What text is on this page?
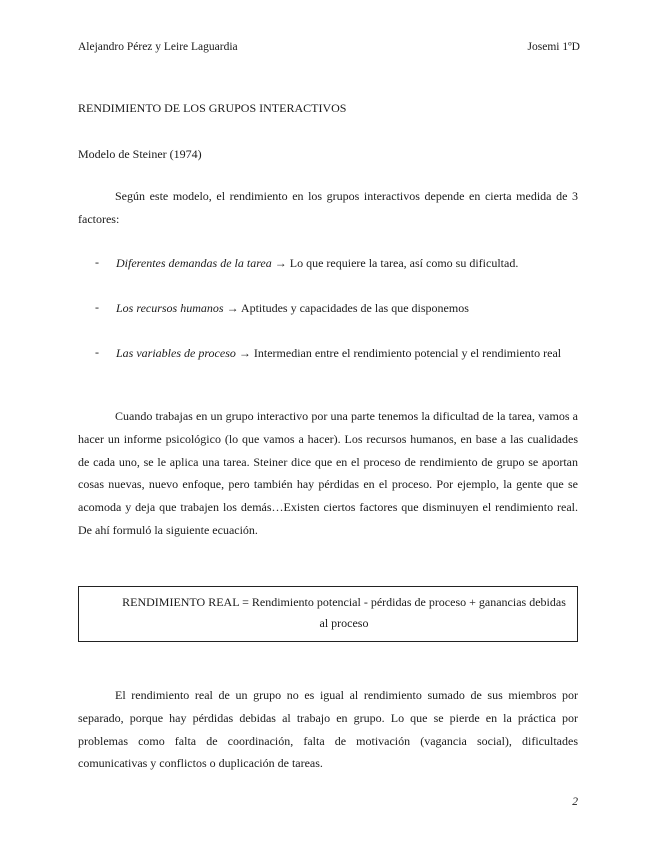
Alejandro Pérez y Leire Laguardia	Josemi 1ºD
RENDIMIENTO DE LOS GRUPOS INTERACTIVOS
Modelo de Steiner (1974)
Según este modelo, el rendimiento en los grupos interactivos depende en cierta medida de 3 factores:
- Diferentes demandas de la tarea → Lo que requiere la tarea, así como su dificultad.
- Los recursos humanos → Aptitudes y capacidades de las que disponemos
- Las variables de proceso → Intermedian entre el rendimiento potencial y el rendimiento real
Cuando trabajas en un grupo interactivo por una parte tenemos la dificultad de la tarea, vamos a hacer un informe psicológico (lo que vamos a hacer). Los recursos humanos, en base a las cualidades de cada uno, se le aplica una tarea. Steiner dice que en el proceso de rendimiento de grupo se aportan cosas nuevas, nuevo enfoque, pero también hay pérdidas en el proceso. Por ejemplo, la gente que se acomoda y deja que trabajen los demás…Existen ciertos factores que disminuyen el rendimiento real. De ahí formuló la siguiente ecuación.
RENDIMIENTO REAL = Rendimiento potencial - pérdidas de proceso + ganancias debidas al proceso
El rendimiento real de un grupo no es igual al rendimiento sumado de sus miembros por separado, porque hay pérdidas debidas al trabajo en grupo. Lo que se pierde en la práctica por problemas como falta de coordinación, falta de motivación (vagancia social), dificultades comunicativas y conflictos o duplicación de tareas.
2
